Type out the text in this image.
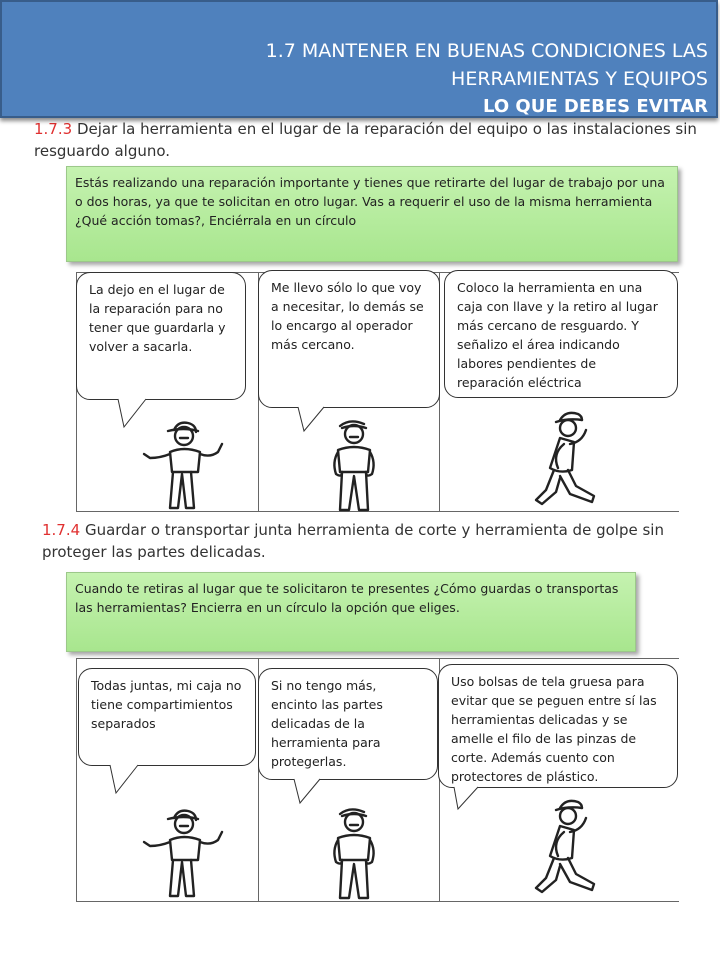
1.7 MANTENER EN BUENAS CONDICIONES LAS
HERRAMIENTAS Y EQUIPOS
LO QUE DEBES EVITAR
1.7.3 Dejar la herramienta en el lugar de la reparación del equipo o las instalaciones sin resguardo alguno.
Estás realizando una reparación importante y tienes que retirarte del lugar de trabajo por una o dos horas, ya que te solicitan en otro lugar. Vas a requerir el uso de la misma herramienta ¿Qué acción tomas?, Enciérrala en un círculo
La dejo en el lugar de la reparación para no tener que guardarla y volver a sacarla.
Me llevo sólo lo que voy a necesitar, lo demás se lo encargo al operador más cercano.
Coloco la herramienta en una caja con llave y la retiro al lugar más cercano de resguardo. Y señalizo el área indicando labores pendientes de reparación eléctrica
1.7.4 Guardar o transportar junta herramienta de corte y herramienta de golpe sin proteger las partes delicadas.
Cuando te retiras al lugar que te solicitaron te presentes ¿Cómo guardas o transportas las herramientas? Encierra en un círculo la opción que eliges.
Todas juntas, mi caja no tiene compartimientos separados
Si no tengo más, encinto las partes delicadas de la herramienta para protegerlas.
Uso bolsas de tela gruesa para evitar que se peguen entre sí las herramientas delicadas y se amelle el filo de las pinzas de corte. Además cuento con protectores de plástico.
